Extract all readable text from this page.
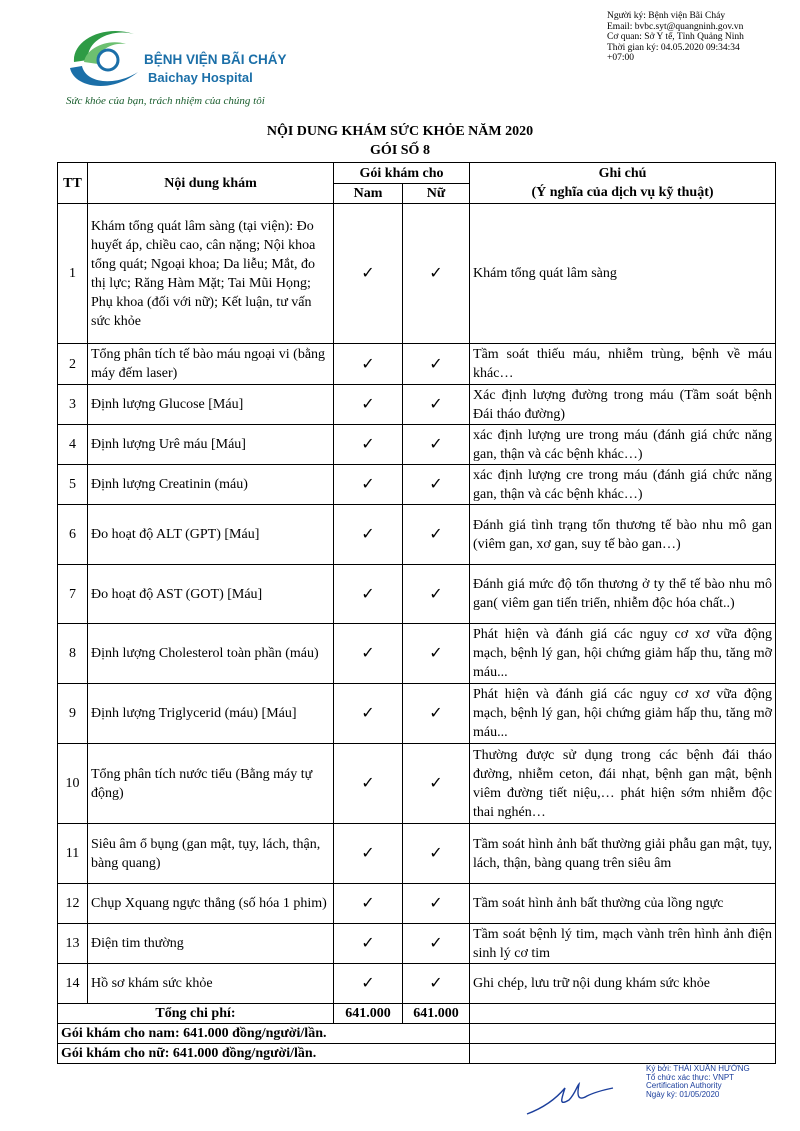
BỆNH VIỆN BÃI CHÁY
Baichay Hospital
Sức khỏe của bạn, trách nhiệm của chúng tôi
Người ký: Bệnh viện Bãi Cháy
Email: bvbc.syt@quangninh.gov.vn
Cơ quan: Sở Y tế, Tỉnh Quảng Ninh
Thời gian ký: 04.05.2020 09:34:34
+07:00
NỘI DUNG KHÁM SỨC KHỎE NĂM 2020
GÓI SỐ 8
TT	Nội dung khám	Gói khám cho		Ghi chú
(Ý nghĩa của dịch vụ kỹ thuật)

		Nam	Nữ	
1	Khám tổng quát lâm sàng (tại viện): Đo huyết áp, chiều cao, cân nặng; Nội khoa tổng quát; Ngoại khoa; Da liễu; Mắt, đo thị lực; Răng Hàm Mặt; Tai Mũi Họng; Phụ khoa (đối với nữ); Kết luận, tư vấn sức khỏe	✓	✓	Khám tổng quát lâm sàng
2	Tổng phân tích tế bào máu ngoại vi (bằng máy đếm laser)	✓	✓	Tầm soát thiếu máu, nhiễm trùng, bệnh về máu khác…
3	Định lượng Glucose [Máu]	✓	✓	Xác định lượng đường trong máu (Tầm soát bệnh Đái tháo đường)
4	Định lượng Urê máu [Máu]	✓	✓	xác định lượng ure trong máu (đánh giá chức năng gan, thận và các bệnh khác…)
5	Định lượng Creatinin (máu)	✓	✓	xác định lượng cre trong máu (đánh giá chức năng gan, thận và các bệnh khác…)
6	Đo hoạt độ ALT (GPT) [Máu]	✓	✓	Đánh giá tình trạng tổn thương tế bào nhu mô gan (viêm gan, xơ gan, suy tế bào gan…)
7	Đo hoạt độ AST (GOT) [Máu]	✓	✓	Đánh giá mức độ tổn thương ở ty thể tế bào nhu mô gan( viêm gan tiến triển, nhiễm độc hóa chất..)
8	Định lượng Cholesterol toàn phần (máu)	✓	✓	Phát hiện và đánh giá các nguy cơ xơ vữa động mạch, bệnh lý gan, hội chứng giảm hấp thu, tăng mỡ máu...
9	Định lượng Triglycerid (máu) [Máu]	✓	✓	Phát hiện và đánh giá các nguy cơ xơ vữa động mạch, bệnh lý gan, hội chứng giảm hấp thu, tăng mỡ máu...
10	Tổng phân tích nước tiểu (Bằng máy tự động)	✓	✓	Thường được sử dụng trong các bệnh đái tháo đường, nhiễm ceton, đái nhạt, bệnh gan mật, bệnh viêm đường tiết niệu,… phát hiện sớm nhiễm độc thai nghén…
11	Siêu âm ổ bụng (gan mật, tụy, lách, thận, bàng quang)	✓	✓	Tầm soát hình ảnh bất thường giải phẫu gan mật, tụy, lách, thận, bàng quang trên siêu âm
12	Chụp Xquang ngực thẳng (số hóa 1 phim)	✓	✓	Tầm soát hình ảnh bất thường của lồng ngực
13	Điện tim thường	✓	✓	Tầm soát bệnh lý tim, mạch vành trên hình ảnh điện sinh lý cơ tim
14	Hồ sơ khám sức khỏe	✓	✓	Ghi chép, lưu trữ nội dung khám sức khỏe
Tổng chi phí:		641.000	641.000	
Gói khám cho nam: 641.000 đồng/người/lần.				
Gói khám cho nữ: 641.000 đồng/người/lần.				
Ký bởi: THÁI XUÂN HƯỜNG
Tổ chức xác thực: VNPT
Certification Authority
Ngày ký: 01/05/2020
